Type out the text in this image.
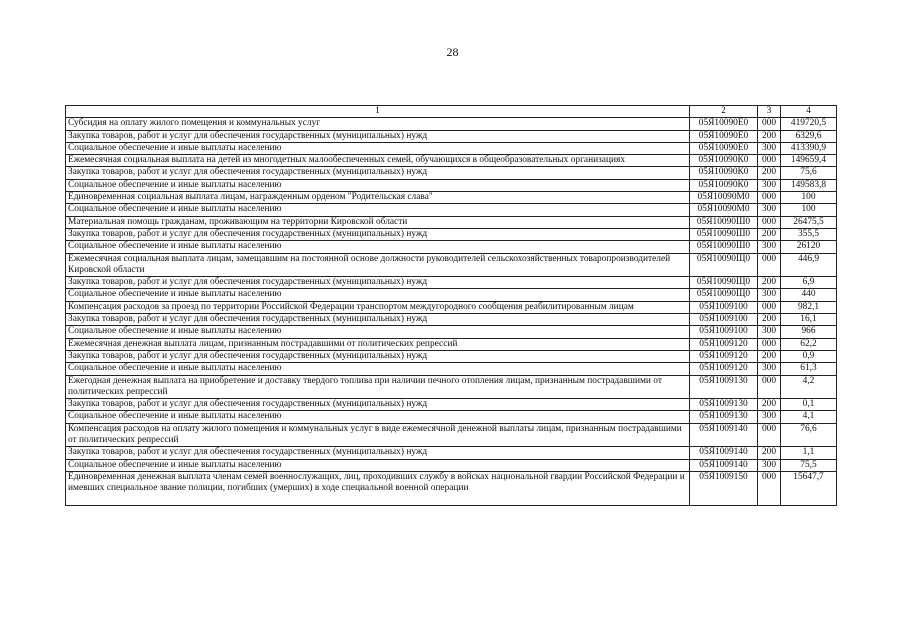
28
1	2	3	4
Субсидия на оплату жилого помещения и коммунальных услуг	05Я10090Е0	000	419720,5
Закупка товаров, работ и услуг для обеспечения государственных (муниципальных) нужд	05Я10090Е0	200	6329,6
Социальное обеспечение и иные выплаты населению	05Я10090Е0	300	413390,9
Ежемесячная социальная выплата на детей из многодетных малообеспеченных семей, обучающихся в общеобразовательных организациях	05Я10090К0	000	149659,4
Закупка товаров, работ и услуг для обеспечения государственных (муниципальных) нужд	05Я10090К0	200	75,6
Социальное обеспечение и иные выплаты населению	05Я10090К0	300	149583,8
Единовременная социальная выплата лицам, награжденным орденом "Родительская слава"	05Я10090М0	000	100
Социальное обеспечение и иные выплаты населению	05Я10090М0	300	100
Материальная помощь гражданам, проживающим на территории Кировской области	05Я10090Ш0	000	26475,5
Закупка товаров, работ и услуг для обеспечения государственных (муниципальных) нужд	05Я10090Ш0	200	355,5
Социальное обеспечение и иные выплаты населению	05Я10090Ш0	300	26120
Ежемесячная социальная выплата лицам, замещавшим на постоянной основе должности руководителей сельскохозяйственных товаропроизводителей Кировской области	05Я10090Щ0	000	446,9
Закупка товаров, работ и услуг для обеспечения государственных (муниципальных) нужд	05Я10090Щ0	200	6,9
Социальное обеспечение и иные выплаты населению	05Я10090Щ0	300	440
Компенсация расходов за проезд по территории Российской Федерации транспортом междугородного сообщения реабилитированным лицам	05Я1009100	000	982,1
Закупка товаров, работ и услуг для обеспечения государственных (муниципальных) нужд	05Я1009100	200	16,1
Социальное обеспечение и иные выплаты населению	05Я1009100	300	966
Ежемесячная денежная выплата лицам, признанным пострадавшими от политических репрессий	05Я1009120	000	62,2
Закупка товаров, работ и услуг для обеспечения государственных (муниципальных) нужд	05Я1009120	200	0,9
Социальное обеспечение и иные выплаты населению	05Я1009120	300	61,3
Ежегодная денежная выплата на приобретение и доставку твердого топлива при наличии печного отопления лицам, признанным пострадавшими от политических репрессий	05Я1009130	000	4,2
Закупка товаров, работ и услуг для обеспечения государственных (муниципальных) нужд	05Я1009130	200	0,1
Социальное обеспечение и иные выплаты населению	05Я1009130	300	4,1
Компенсация расходов на оплату жилого помещения и коммунальных услуг в виде ежемесячной денежной выплаты лицам, признанным пострадавшими от политических репрессий	05Я1009140	000	76,6
Закупка товаров, работ и услуг для обеспечения государственных (муниципальных) нужд	05Я1009140	200	1,1
Социальное обеспечение и иные выплаты населению	05Я1009140	300	75,5
Единовременная денежная выплата членам семей военнослужащих, лиц, проходивших службу в войсках национальной гвардии Российской Федерации и имевших специальное звание полиции, погибших (умерших) в ходе специальной военной операции	05Я1009150	000	15647,7
